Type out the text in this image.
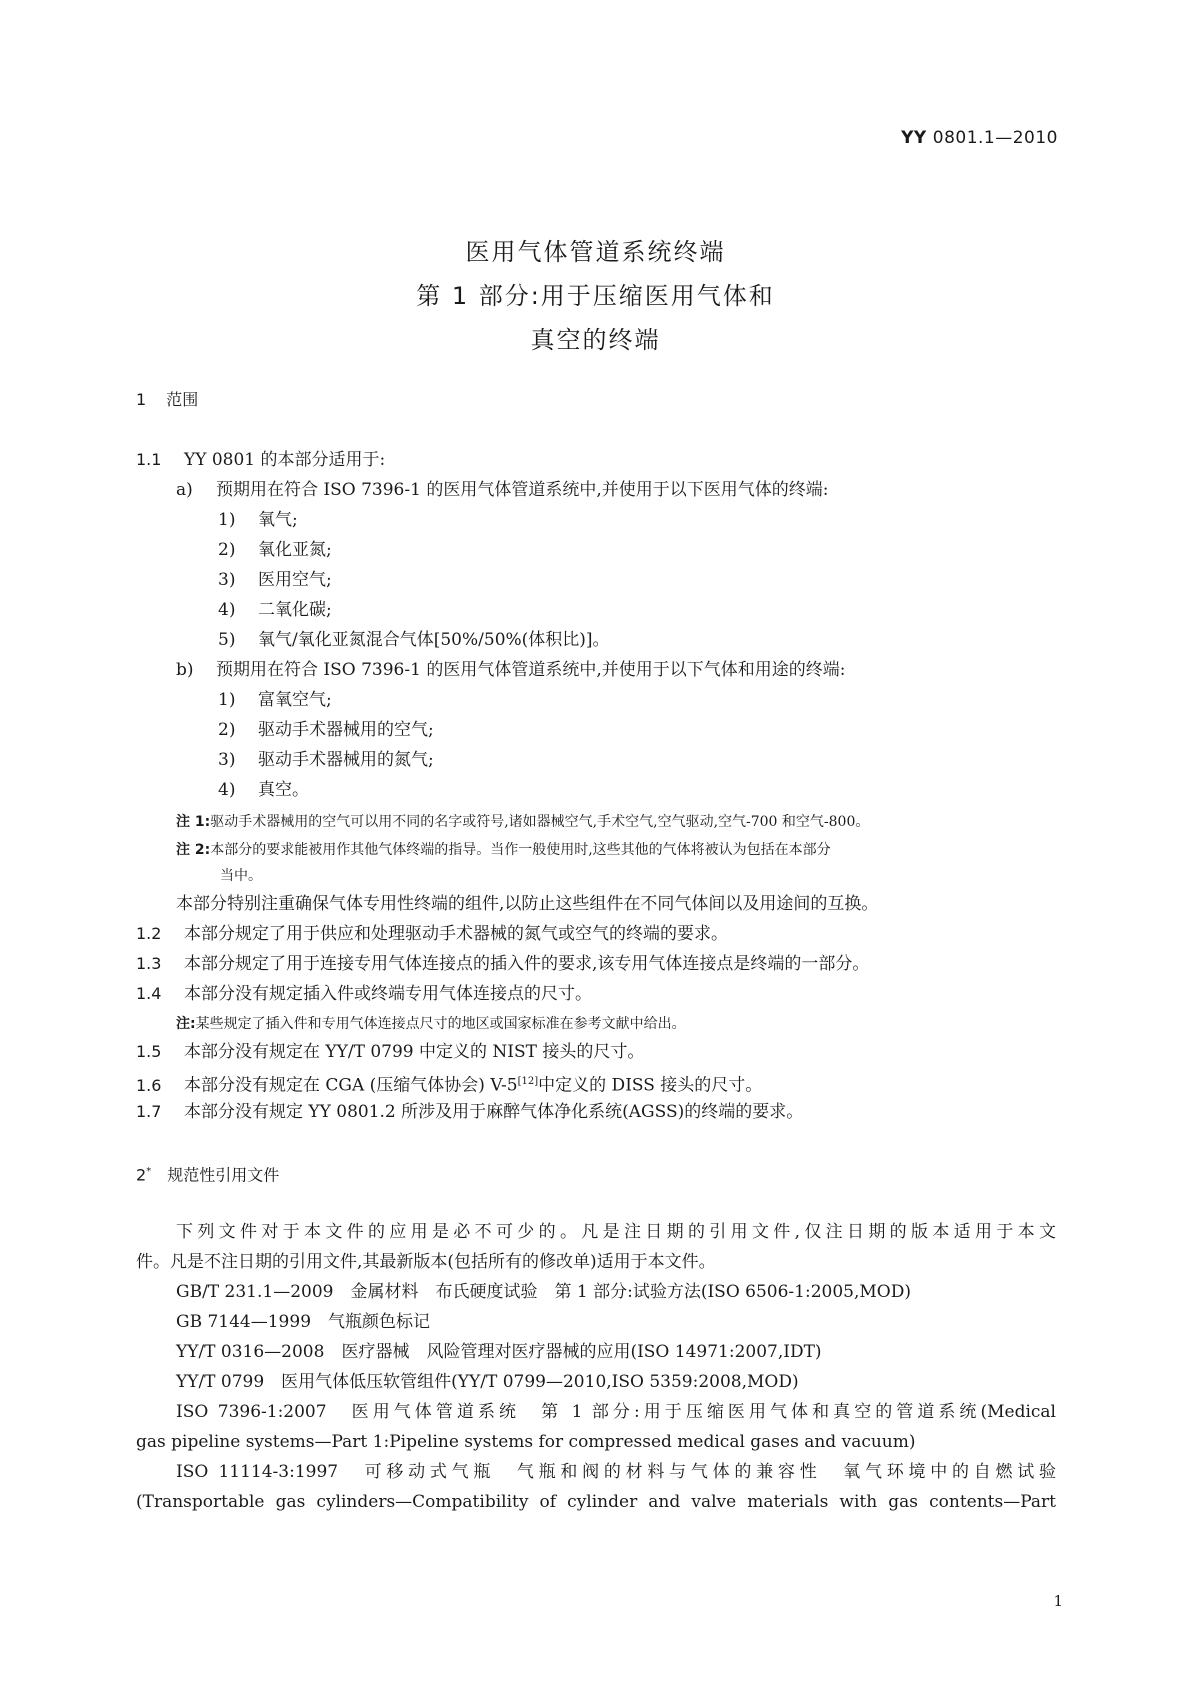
YY 0801.1—2010
医用气体管道系统终端
第 1 部分:用于压缩医用气体和
真空的终端
1 范围
1.1 YY 0801 的本部分适用于:
a) 预期用在符合 ISO 7396-1 的医用气体管道系统中,并使用于以下医用气体的终端:
1) 氧气;
2) 氧化亚氮;
3) 医用空气;
4) 二氧化碳;
5) 氧气/氧化亚氮混合气体[50%/50%(体积比)]。
b) 预期用在符合 ISO 7396-1 的医用气体管道系统中,并使用于以下气体和用途的终端:
1) 富氧空气;
2) 驱动手术器械用的空气;
3) 驱动手术器械用的氮气;
4) 真空。
注 1:驱动手术器械用的空气可以用不同的名字或符号,诸如器械空气,手术空气,空气驱动,空气-700 和空气-800。
注 2:本部分的要求能被用作其他气体终端的指导。当作一般使用时,这些其他的气体将被认为包括在本部分
当中。
本部分特别注重确保气体专用性终端的组件,以防止这些组件在不同气体间以及用途间的互换。
1.2 本部分规定了用于供应和处理驱动手术器械的氮气或空气的终端的要求。
1.3 本部分规定了用于连接专用气体连接点的插入件的要求,该专用气体连接点是终端的一部分。
1.4 本部分没有规定插入件或终端专用气体连接点的尺寸。
注:某些规定了插入件和专用气体连接点尺寸的地区或国家标准在参考文献中给出。
1.5 本部分没有规定在 YY/T 0799 中定义的 NIST 接头的尺寸。
1.6 本部分没有规定在 CGA (压缩气体协会) V-5[12]中定义的 DISS 接头的尺寸。
1.7 本部分没有规定 YY 0801.2 所涉及用于麻醉气体净化系统(AGSS)的终端的要求。
2* 规范性引用文件
下列文件对于本文件的应用是必不可少的。凡是注日期的引用文件,仅注日期的版本适用于本文
件。凡是不注日期的引用文件,其最新版本(包括所有的修改单)适用于本文件。
GB/T 231.1—2009　金属材料　布氏硬度试验　第 1 部分:试验方法(ISO 6506-1:2005,MOD)
GB 7144—1999　气瓶颜色标记
YY/T 0316—2008　医疗器械　风险管理对医疗器械的应用(ISO 14971:2007,IDT)
YY/T 0799　医用气体低压软管组件(YY/T 0799—2010,ISO 5359:2008,MOD)
ISO 7396-1:2007　医用气体管道系统　第 1 部分:用于压缩医用气体和真空的管道系统(Medical
gas pipeline systems—Part 1:Pipeline systems for compressed medical gases and vacuum)
ISO 11114-3:1997　可移动式气瓶　气瓶和阀的材料与气体的兼容性　氧气环境中的自燃试验
(Transportable gas cylinders—Compatibility of cylinder and valve materials with gas contents—Part
1
